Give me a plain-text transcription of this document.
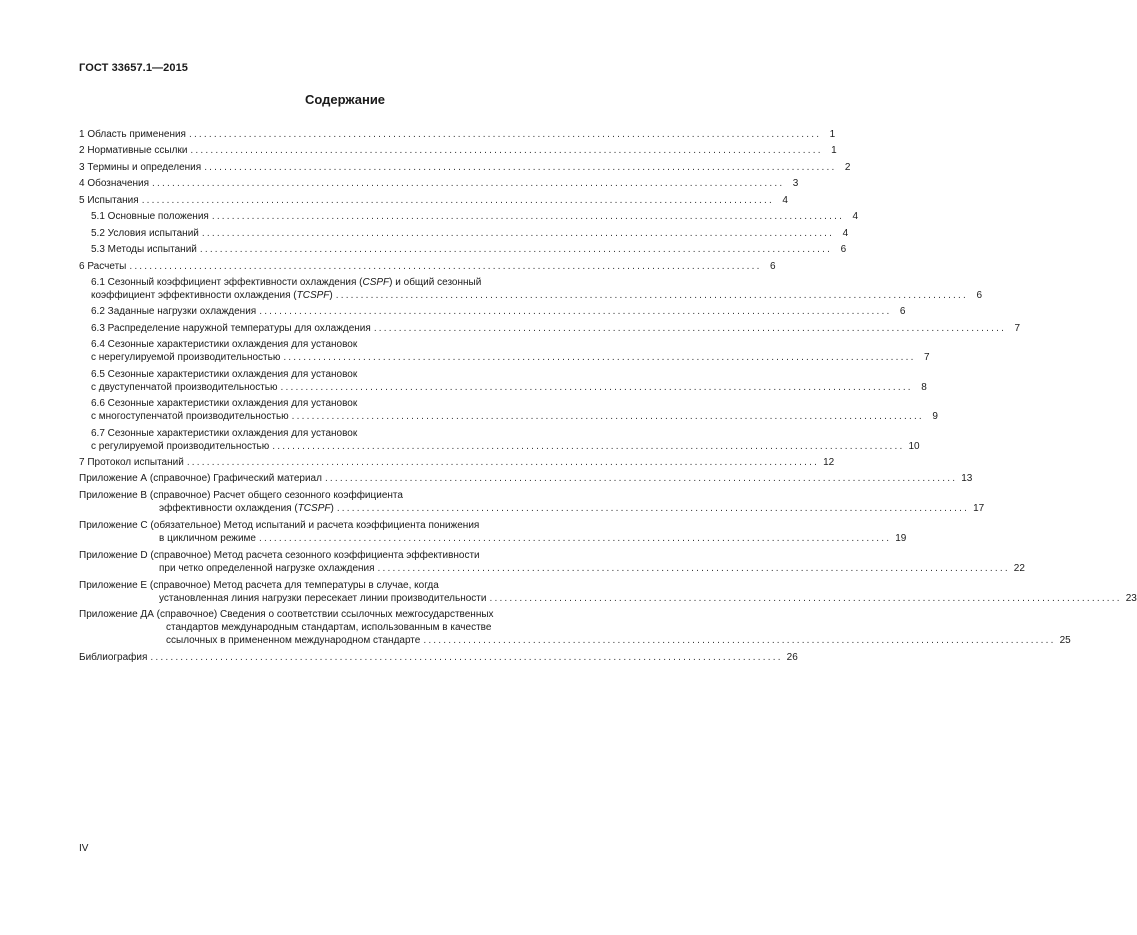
ГОСТ 33657.1—2015
Содержание
1 Область применения ............................................................................................................................... 1
2 Нормативные ссылки ............................................................................................................................... 1
3 Термины и определения ............................................................................................................................... 2
4 Обозначения ............................................................................................................................... 3
5 Испытания ............................................................................................................................... 4
5.1 Основные положения ............................................................................................................................... 4
5.2 Условия испытаний ............................................................................................................................... 4
5.3 Методы испытаний ............................................................................................................................... 6
6 Расчеты ............................................................................................................................... 6
6.1 Сезонный коэффициент эффективности охлаждения (CSPF) и общий сезонный
коэффициент эффективности охлаждения (TCSPF) ............................................................................................................................... 6
6.2 Заданные нагрузки охлаждения ............................................................................................................................... 6
6.3 Распределение наружной температуры для охлаждения ............................................................................................................................... 7
6.4 Сезонные характеристики охлаждения для установок
с нерегулируемой производительностью ............................................................................................................................... 7
6.5 Сезонные характеристики охлаждения для установок
с двуступенчатой производительностью ............................................................................................................................... 8
6.6 Сезонные характеристики охлаждения для установок
с многоступенчатой производительностью ............................................................................................................................... 9
6.7 Сезонные характеристики охлаждения для установок
с регулируемой производительностью ............................................................................................................................... 10
7 Протокол испытаний ............................................................................................................................... 12
Приложение А (справочное) Графический материал ............................................................................................................................... 13
Приложение В (справочное) Расчет общего сезонного коэффициента
эффективности охлаждения (TCSPF) ............................................................................................................................... 17
Приложение С (обязательное) Метод испытаний и расчета коэффициента понижения
в цикличном режиме ............................................................................................................................... 19
Приложение D (справочное) Метод расчета сезонного коэффициента эффективности
при четко определенной нагрузке охлаждения ............................................................................................................................... 22
Приложение Е (справочное) Метод расчета для температуры в случае, когда
установленная линия нагрузки пересекает линии производительности ............................................................................................................................... 23
Приложение ДА (справочное) Сведения о соответствии ссылочных межгосударственных
стандартов международным стандартам, использованным в качестве
ссылочных в примененном международном стандарте ............................................................................................................................... 25
Библиография ............................................................................................................................... 26
IV
